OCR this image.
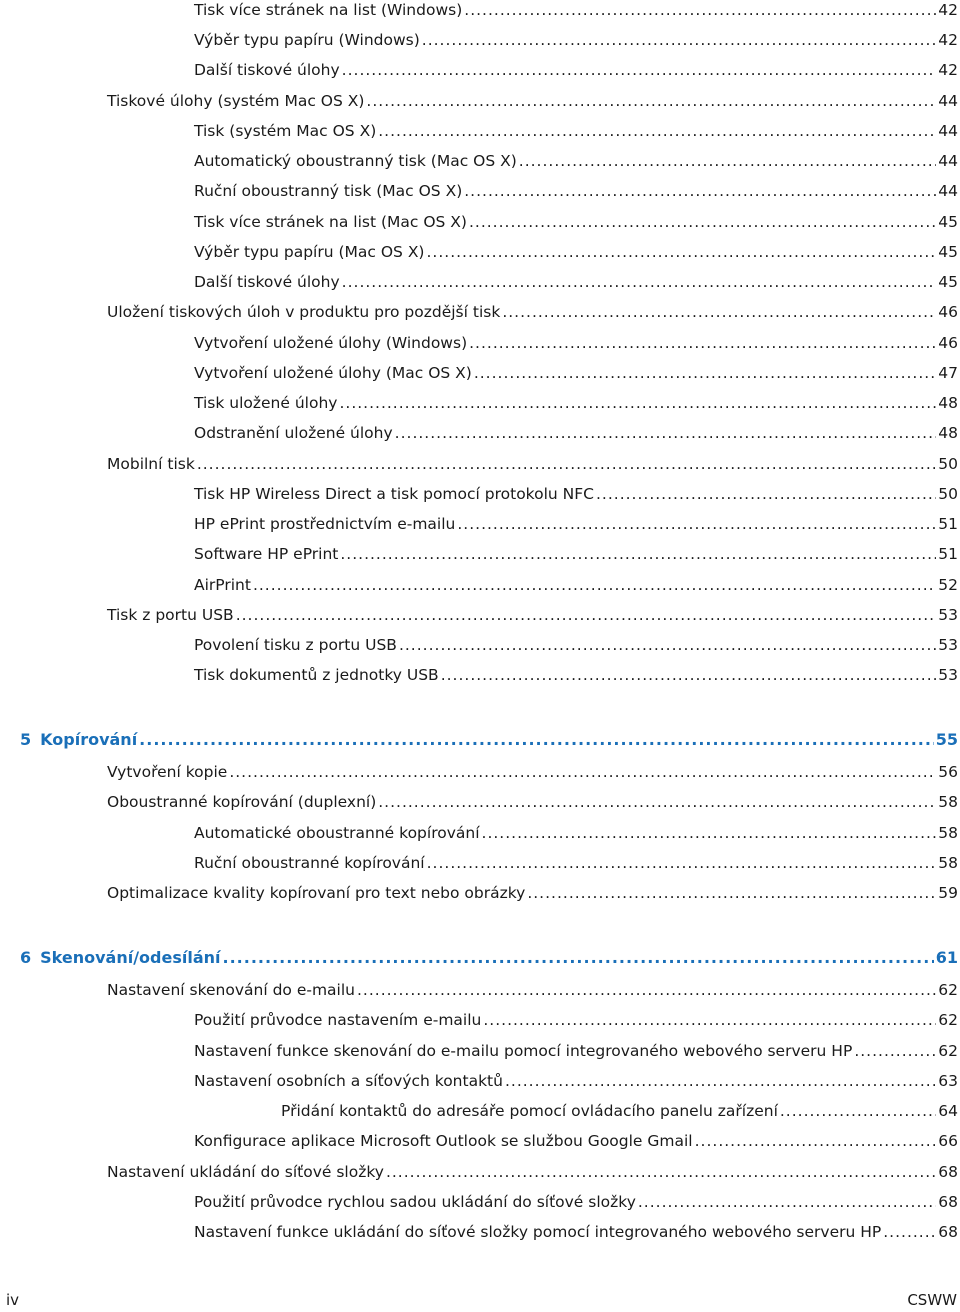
Tisk více stránek na list (Windows) .....	42
Výběr typu papíru (Windows) .....	42
Další tiskové úlohy .....	42
Tiskové úlohy (systém Mac OS X) .....	44
Tisk (systém Mac OS X) .....	44
Automatický oboustranný tisk (Mac OS X) .....	44
Ruční oboustranný tisk (Mac OS X) .....	44
Tisk více stránek na list (Mac OS X) .....	45
Výběr typu papíru (Mac OS X) .....	45
Další tiskové úlohy .....	45
Uložení tiskových úloh v produktu pro pozdější tisk .....	46
Vytvoření uložené úlohy (Windows) .....	46
Vytvoření uložené úlohy (Mac OS X) .....	47
Tisk uložené úlohy .....	48
Odstranění uložené úlohy .....	48
Mobilní tisk .....	50
Tisk HP Wireless Direct a tisk pomocí protokolu NFC .....	50
HP ePrint prostřednictvím e-mailu .....	51
Software HP ePrint .....	51
AirPrint .....	52
Tisk z portu USB .....	53
Povolení tisku z portu USB .....	53
Tisk dokumentů z jednotky USB .....	53
5 Kopírování .....	55
Vytvoření kopie .....	56
Oboustranné kopírování (duplexní) .....	58
Automatické oboustranné kopírování .....	58
Ruční oboustranné kopírování .....	58
Optimalizace kvality kopírovaní pro text nebo obrázky .....	59
6 Skenování/odesílání .....	61
Nastavení skenování do e-mailu .....	62
Použití průvodce nastavením e-mailu .....	62
Nastavení funkce skenování do e-mailu pomocí integrovaného webového serveru HP .....	62
Nastavení osobních a síťových kontaktů .....	63
Přidání kontaktů do adresáře pomocí ovládacího panelu zařízení .....	64
Konfigurace aplikace Microsoft Outlook se službou Google Gmail .....	66
Nastavení ukládání do síťové složky .....	68
Použití průvodce rychlou sadou ukládání do síťové složky .....	68
Nastavení funkce ukládání do síťové složky pomocí integrovaného webového serveru HP .....	68
iv	CSWW
